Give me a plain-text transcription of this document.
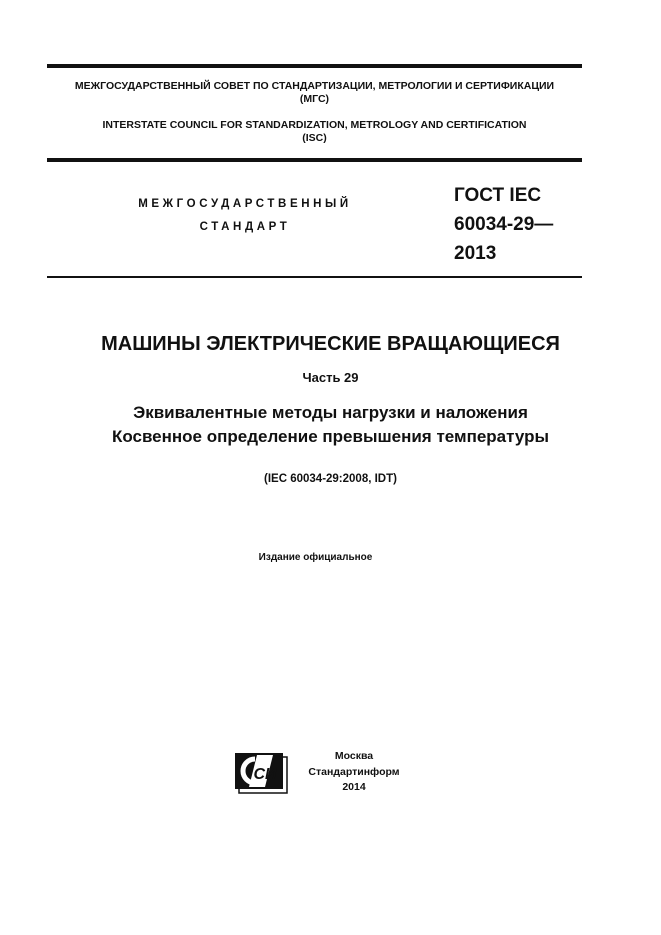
МЕЖГОСУДАРСТВЕННЫЙ СОВЕТ ПО СТАНДАРТИЗАЦИИ, МЕТРОЛОГИИ И СЕРТИФИКАЦИИ
(МГС)
INTERSTATE COUNCIL FOR STANDARDIZATION, METROLOGY AND CERTIFICATION
(ISC)
МЕЖГОСУДАРСТВЕННЫЙ
СТАНДАРТ
ГОСТ IEC
60034-29—
2013
МАШИНЫ ЭЛЕКТРИЧЕСКИЕ ВРАЩАЮЩИЕСЯ
Часть 29
Эквивалентные методы нагрузки и наложения
Косвенное определение превышения температуры
(IEC 60034-29:2008, IDT)
Издание официальное
СИ
Москва
Стандартинформ
2014
